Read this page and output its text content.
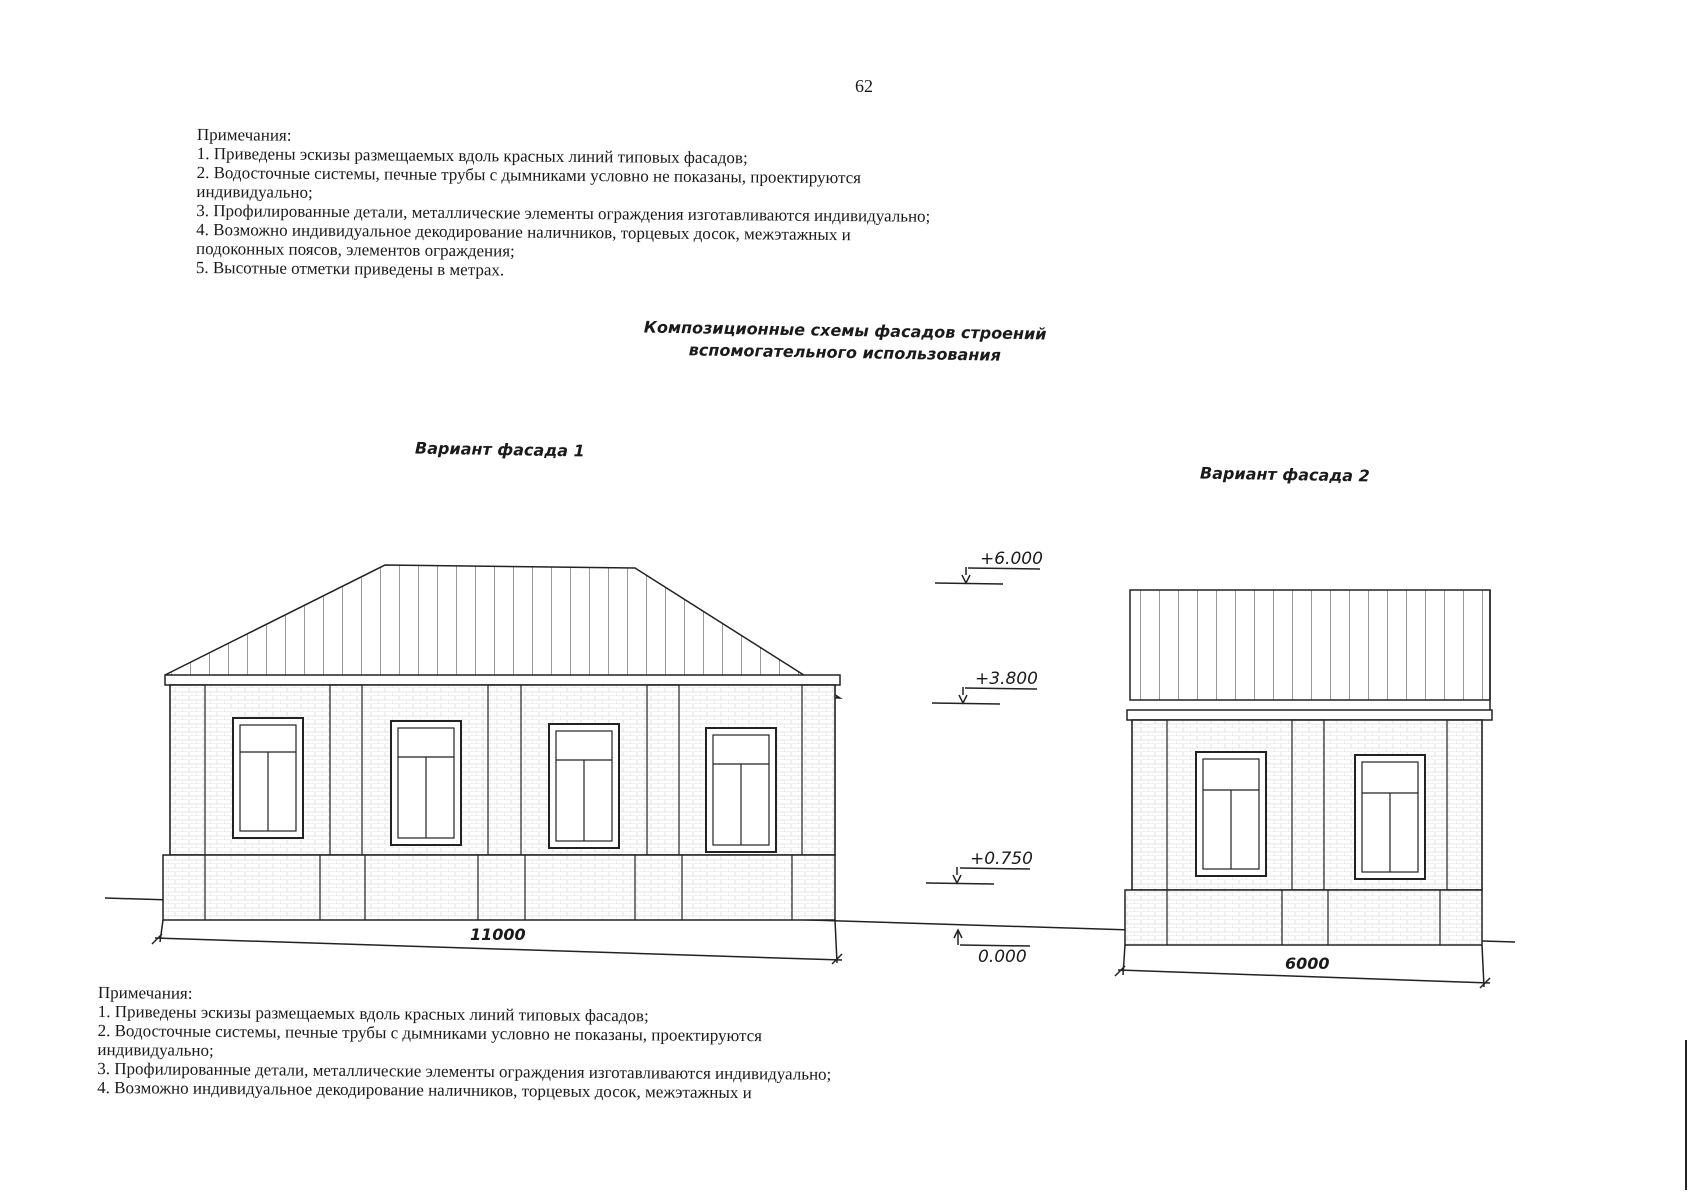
62
Примечания:
1. Приведены эскизы размещаемых вдоль красных линий типовых фасадов;
2. Водосточные системы, печные трубы с дымниками условно не показаны, проектируются
индивидуально;
3. Профилированные детали, металлические элементы ограждения изготавливаются индивидуально;
4. Возможно индивидуальное декодирование наличников, торцевых досок, межэтажных и
подоконных поясов, элементов ограждения;
5. Высотные отметки приведены в метрах.
Композиционные схемы фасадов строений
вспомогательного использования
Вариант фасада 1
Вариант фасада 2
11000
+6.000
+3.800
+0.750
0.000	6000
Примечания:
1. Приведены эскизы размещаемых вдоль красных линий типовых фасадов;
2. Водосточные системы, печные трубы с дымниками условно не показаны, проектируются
индивидуально;
3. Профилированные детали, металлические элементы ограждения изготавливаются индивидуально;
4. Возможно индивидуальное декодирование наличников, торцевых досок, межэтажных и
